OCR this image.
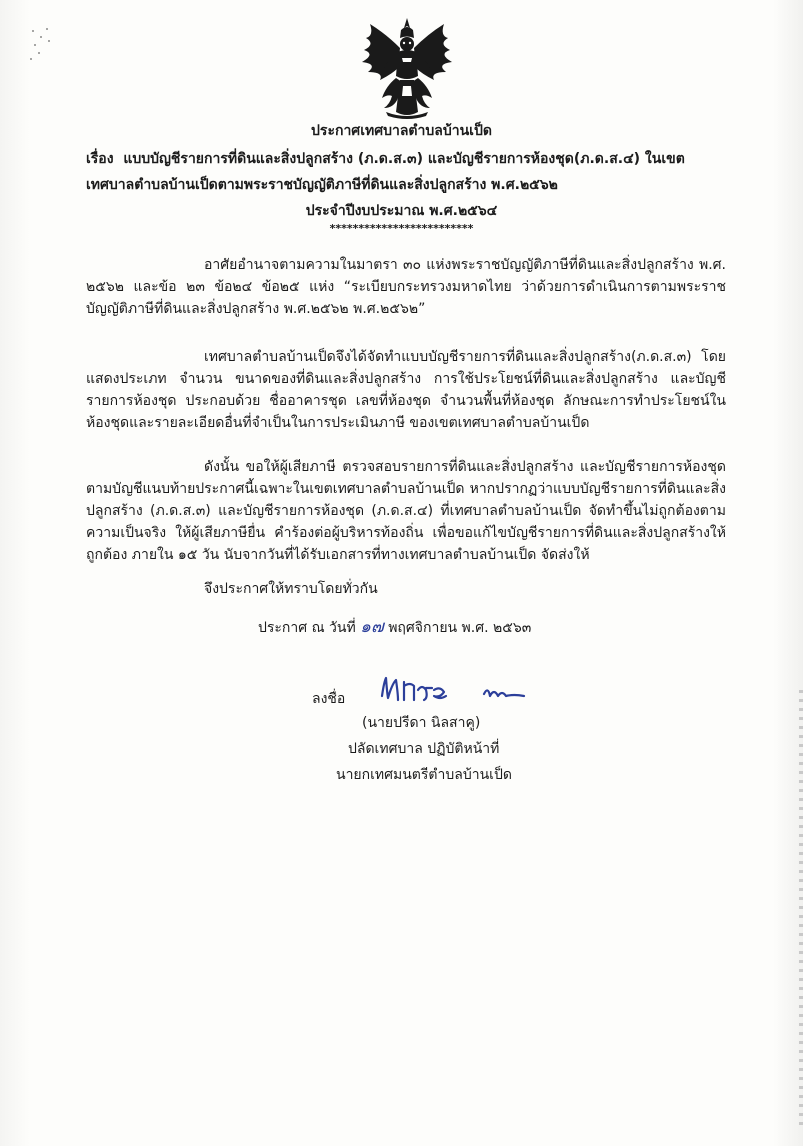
ประกาศเทศบาลตำบลบ้านเป็ด
เรื่อง แบบบัญชีรายการที่ดินและสิ่งปลูกสร้าง (ภ.ด.ส.๓) และบัญชีรายการห้องชุด(ภ.ด.ส.๔) ในเขต
เทศบาลตำบลบ้านเป็ดตามพระราชบัญญัติภาษีที่ดินและสิ่งปลูกสร้าง พ.ศ.๒๕๖๒
ประจำปีงบประมาณ พ.ศ.๒๕๖๔
*************************
อาศัยอำนาจตามความในมาตรา ๓๐ แห่งพระราชบัญญัติภาษีที่ดินและสิ่งปลูกสร้าง พ.ศ. ๒๕๖๒ และข้อ ๒๓ ข้อ๒๔ ข้อ๒๕ แห่ง “ระเบียบกระทรวงมหาดไทย ว่าด้วยการดำเนินการตามพระราชบัญญัติภาษีที่ดินและสิ่งปลูกสร้าง พ.ศ.๒๕๖๒ พ.ศ.๒๕๖๒”
เทศบาลตำบลบ้านเป็ดจึงได้จัดทำแบบบัญชีรายการที่ดินและสิ่งปลูกสร้าง(ภ.ด.ส.๓) โดยแสดงประเภท จำนวน ขนาดของที่ดินและสิ่งปลูกสร้าง การใช้ประโยชน์ที่ดินและสิ่งปลูกสร้าง และบัญชีรายการห้องชุด ประกอบด้วย ชื่ออาคารชุด เลขที่ห้องชุด จำนวนพื้นที่ห้องชุด ลักษณะการทำประโยชน์ในห้องชุดและรายละเอียดอื่นที่จำเป็นในการประเมินภาษี ของเขตเทศบาลตำบลบ้านเป็ด
ดังนั้น ขอให้ผู้เสียภาษี ตรวจสอบรายการที่ดินและสิ่งปลูกสร้าง และบัญชีรายการห้องชุด ตามบัญชีแนบท้ายประกาศนี้เฉพาะในเขตเทศบาลตำบลบ้านเป็ด หากปรากฏว่าแบบบัญชีรายการที่ดินและสิ่งปลูกสร้าง (ภ.ด.ส.๓) และบัญชีรายการห้องชุด (ภ.ด.ส.๔) ที่เทศบาลตำบลบ้านเป็ด จัดทำขึ้นไม่ถูกต้องตามความเป็นจริง ให้ผู้เสียภาษียื่น คำร้องต่อผู้บริหารท้องถิ่น เพื่อขอแก้ไขบัญชีรายการที่ดินและสิ่งปลูกสร้างให้ถูกต้อง ภายใน ๑๕ วัน นับจากวันที่ได้รับเอกสารที่ทางเทศบาลตำบลบ้านเป็ด จัดส่งให้
จึงประกาศให้ทราบโดยทั่วกัน
ประกาศ ณ วันที่ ๑๗ พฤศจิกายน พ.ศ. ๒๕๖๓
ลงชื่อ
(นายปรีดา นิลสาคู)
ปลัดเทศบาล ปฏิบัติหน้าที่
นายกเทศมนตรีตำบลบ้านเป็ด
